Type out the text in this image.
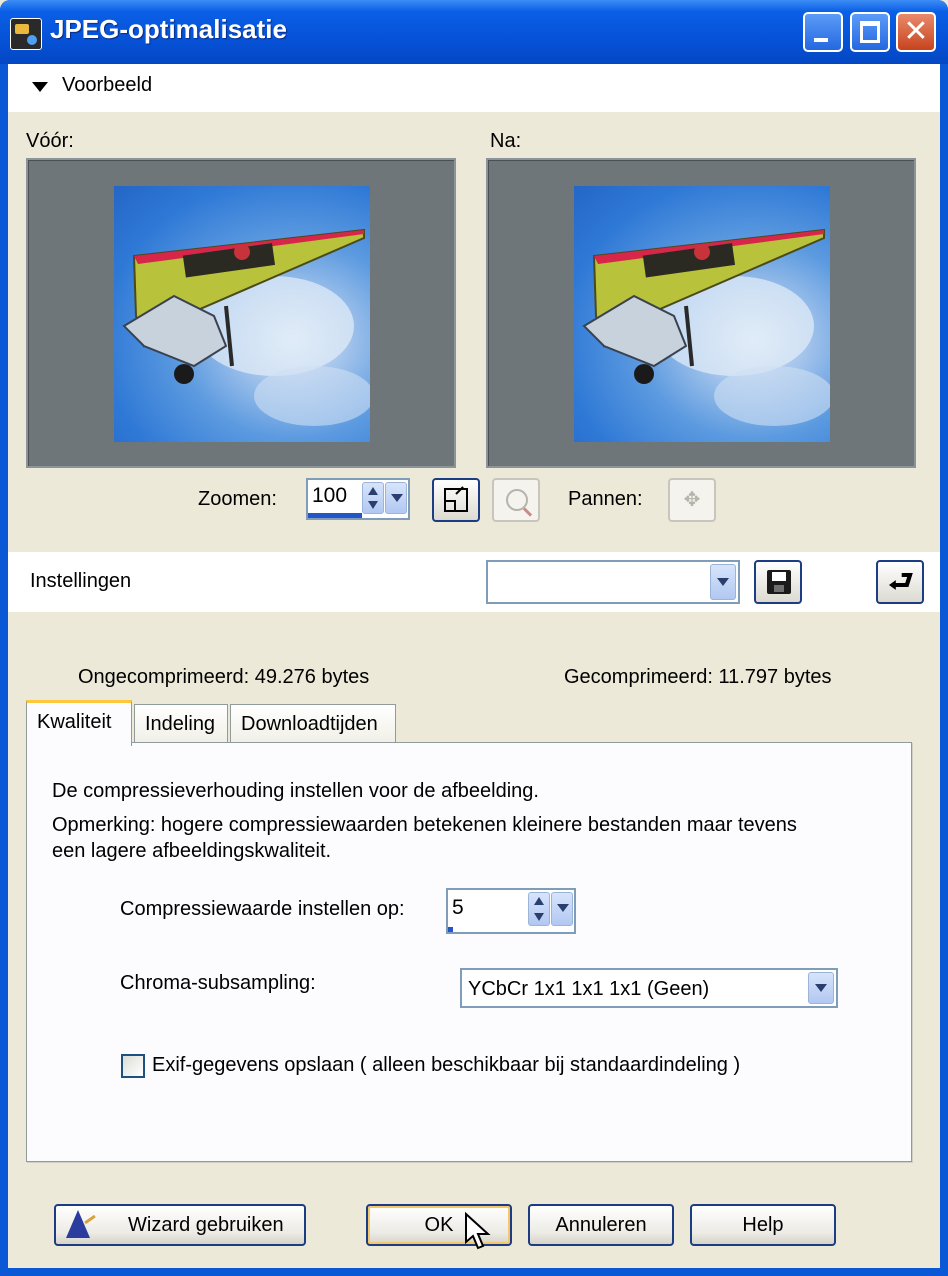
JPEG-optimalisatie	✕
Voorbeeld
Vóór:	Na:
Zoomen: 100	Pannen: ✥
Instellingen	⮐
Ongecomprimeerd: 49.276 bytes	Gecomprimeerd: 11.797 bytes
Kwaliteit	Indeling	Downloadtijden
De compressieverhouding instellen voor de afbeelding.
Opmerking: hogere compressiewaarden betekenen kleinere bestanden maar tevens
een lagere afbeeldingskwaliteit.
Compressiewaarde instellen op: 5
Chroma-subsampling:	YCbCr 1x1 1x1 1x1 (Geen)
Exif-gegevens opslaan ( alleen beschikbaar bij standaardindeling )
Wizard gebruiken	OK	Annuleren	Help
